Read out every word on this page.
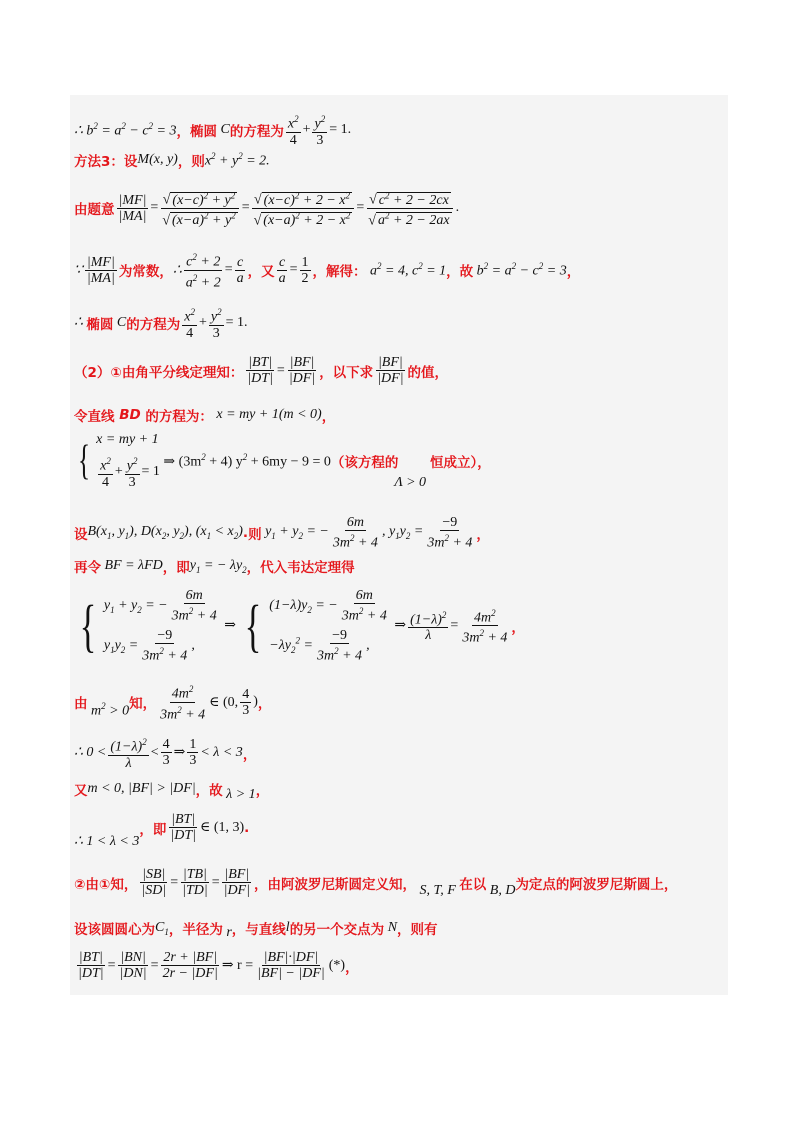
∴ $b^2 = a^2 - c^2 = 3$ ，椭圆 C 的方程为 $\frac{x^2}{4} + \frac{y^2}{3} = 1$.
方法3：设 M(x, y) ，则 $x^2 + y^2 = 2$.
由题意 $\frac{|MF|}{|MA|} = \frac{√ (x-c)^2 + y^2}{√ (x-a)^2 + y^2} = \frac{√ (x-c)^2 + 2 - x^2}{√ (x-a)^2 + 2 - x^2} = \frac{√ c^2 + 2 - 2cx}{√ a^2 + 2 - 2ax}$ .
∵ $\frac{|MF|}{|MA|}$ 为常数， ∴ $\frac{c^2 + 2}{a^2 + 2} = \frac{c}{a}$ ，又 $\frac{c}{a} = \frac{1}{2}$ ，解得： $a^2 = 4$, $c^2 = 1$ ，故 $b^2 = a^2 - c^2 = 3$ ，
∴ 椭圆 C 的方程为 $\frac{x^2}{4} + \frac{y^2}{3} = 1$.
（2）①由角平分线定理知： $\frac{|BT|}{|DT|} = \frac{|BF|}{|DF|}$ ，以下求 $\frac{|BF|}{|DF|}$ 的值，
令直线 BD 的方程为： x = my + 1(m < 0) ，
{ x = my + 1
$\frac{x^2}{4} + \frac{y^2}{3} = 1$
⇒ $(3m^2 + 4) y^2 + 6my - 9 = 0$ （该方程的
Λ > 0
恒成立），
设 $B(x_1$, $y_1$), $D(x_2$, $y_2$), $(x_1 < x_2)$ . 则 $y_1 + y_2$ = − $\frac{6m}{3m^2 + 4}$ , $y_1y_2 = \frac{-9}{3m^2 + 4}$ ，
再令 BF = λFD ，即 $y_1$ = − $\lambda y_2$ ，代入韦达定理得
{ $y_1 + y_2$ = − $\frac{6m}{3m^2 + 4}$
$y_1y_2 = \frac{-9}{3m^2 + 4}$ ,
⇒ { $(1-\lambda)y_2$ = − $\frac{6m}{3m^2 + 4}$
$-\lambda y_2^2 = \frac{-9}{3m^2 + 4}$ ,
⇒ $\frac{(1-\lambda)^2}{\lambda} = \frac{4m^2}{3m^2 + 4}$ ，
由 $m^2 > 0$ 知， $\frac{4m^2}{3m^2 + 4}$ ∈ (0, $\frac{4}{3}$ ) ，
∴ $0 < \frac{(1-\lambda)^2}{\lambda} < \frac{4}{3}$ ⇒ $\frac{1}{3} < \lambda < 3$ ，
又 m < 0, |BF| > |DF| ，故 λ > 1 ，
∴ 1 < λ < 3
，即 $\frac{|BT|}{|DT|}$ ∈ (1, 3) .
②由①知， $\frac{|SB|}{|SD|} = \frac{|TB|}{|TD|} = \frac{|BF|}{|DF|}$ ，由阿波罗尼斯圆定义知， S, T, F 在以 B, D 为定点的阿波罗尼斯圆上，
设该圆圆心为 $C_1$ ，半径为 r ，与直线 l 的另一个交点为 N ，则有
$\frac{|BT|}{|DT|} = \frac{|BN|}{|DN|} = \frac{2r + |BF|}{2r - |DF|}$ ⇒ $r = \frac{|BF|\cdot|DF|}{|BF| - |DF|}$ (*) ，
